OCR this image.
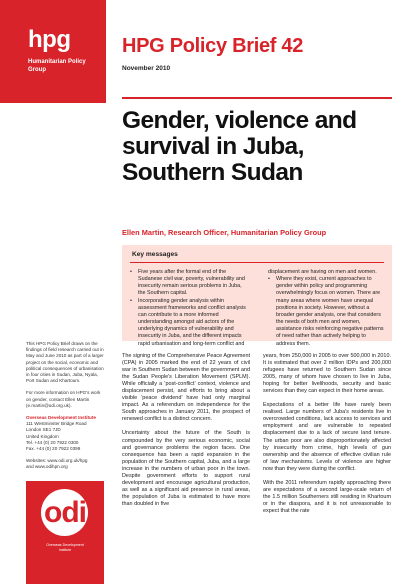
hpg
Humanitarian Policy Group

This HPG Policy Brief draws on the findings of field research carried out in May and June 2010 as part of a larger project on the social, economic and political consequences of urbanisation in four cities in Sudan, Juba, Nyala, Port Sudan and Khartoum.

For more information on HPG's work on gender, contact Ellen Martin (e.martin@odi.org.uk).

Overseas Development Institute
111 Westminster Bridge Road
London SE1 7JD
United Kingdom
Tel. +44 (0) 20 7922 0300
Fax. +44 (0) 20 7922 0399
Websites: www.odi.org.uk/hpg
and www.odihpn.org
odi
Overseas Development
Institute
HPG Policy Brief 42
November 2010
Gender, violence and survival in Juba, Southern Sudan
Ellen Martin, Research Officer, Humanitarian Policy Group
Key messages
• Five years after the formal end of the Sudanese civil war, poverty, vulnerability and insecurity remain serious problems in Juba, the Southern capital.
• Incorporating gender analysis within assessment frameworks and conflict analysis can contribute to a more informed understanding amongst aid actors of the underlying dynamics of vulnerability and insecurity in Juba, and the different impacts rapid urbanisation and long-term conflict and
displacement are having on men and women.
• Where they exist, current approaches to gender within policy and programming overwhelmingly focus on women. There are many areas where women have unequal positions in society. However, without a broader gender analysis, one that considers the needs of both men and women, assistance risks reinforcing negative patterns of need rather than actively helping to address them.

The signing of the Comprehensive Peace Agreement (CPA) in 2005 marked the end of 22 years of civil war in Southern Sudan between the government and the Sudan People's Liberation Movement (SPLM). While officially a ‘post-conflict’ context, violence and displacement persist, and efforts to bring about a visible ‘peace dividend’ have had only marginal impact. As a referendum on independence for the South approaches in January 2011, the prospect of renewed conflict is a distinct concern.

Uncertainty about the future of the South is compounded by the very serious economic, social and governance problems the region faces. One consequence has been a rapid expansion in the population of the Southern capital, Juba, and a large increase in the numbers of urban poor in the town. Despite government efforts to support rural development and encourage agricultural production, as well as a significant aid presence in rural areas, the population of Juba is estimated to have more than doubled in five

years, from 250,000 in 2005 to over 500,000 in 2010. It is estimated that over 2 million IDPs and 200,000 refugees have returned to Southern Sudan since 2005, many of whom have chosen to live in Juba, hoping for better livelihoods, security and basic services than they can expect in their home areas.

Expectations of a better life have rarely been realised. Large numbers of Juba's residents live in overcrowded conditions, lack access to services and employment and are vulnerable to repeated displacement due to a lack of secure land tenure. The urban poor are also disproportionately affected by insecurity from crime, high levels of gun ownership and the absence of effective civilian rule of law mechanisms. Levels of violence are higher now than they were during the conflict.

With the 2011 referendum rapidly approaching there are expectations of a second large-scale return of the 1.5 million Southerners still residing in Khartoum or in the diaspora, and it is not unreasonable to expect that the rate
